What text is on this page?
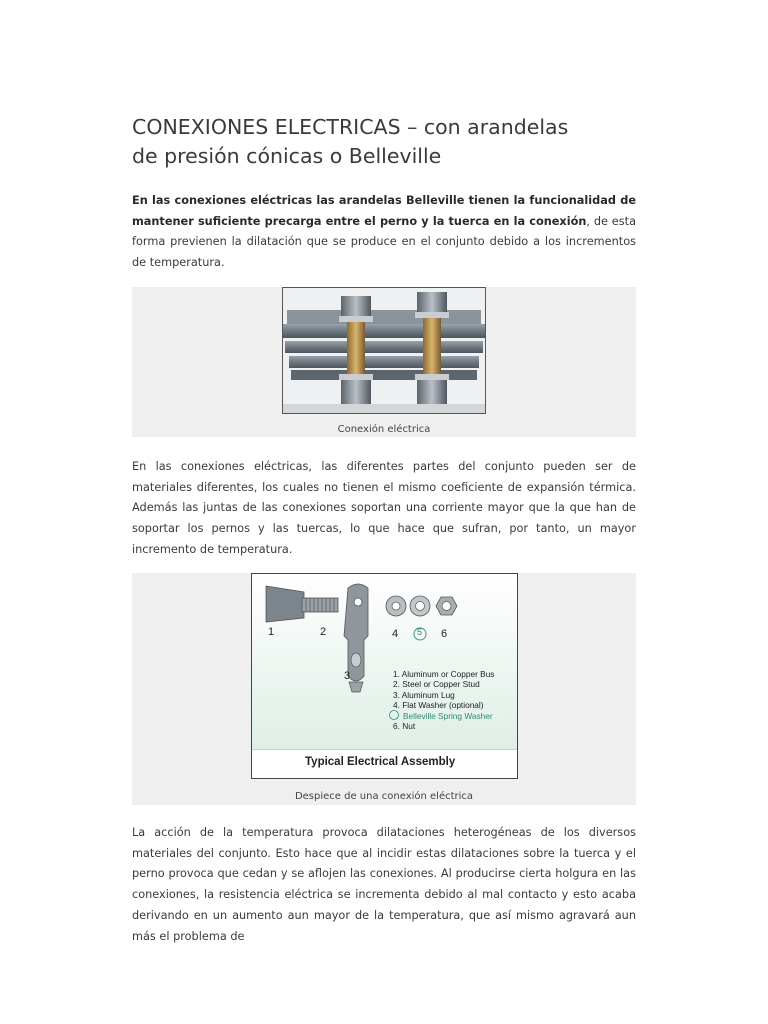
CONEXIONES ELECTRICAS – con arandelas
de presión cónicas o Belleville

En las conexiones eléctricas las arandelas Belleville tienen la funcionalidad de mantener suficiente precarga entre el perno y la tuerca en la conexión, de esta forma previenen la dilatación que se produce en el conjunto debido a los incrementos de temperatura.

Conexión eléctrica

En las conexiones eléctricas, las diferentes partes del conjunto pueden ser de materiales diferentes, los cuales no tienen el mismo coeficiente de expansión térmica. Además las juntas de las conexiones soportan una corriente mayor que la que han de soportar los pernos y las tuercas, lo que hace que sufran, por tanto, un mayor incremento de temperatura.

1	2
3
4 5 6
1. Aluminum or Copper Bus
2. Steel or Copper Stud
3. Aluminum Lug
4. Flat Washer (optional)
Belleville Spring Washer
6. Nut
Typical Electrical Assembly
Despiece de una conexión eléctrica

La acción de la temperatura provoca dilataciones heterogéneas de los diversos materiales del conjunto. Esto hace que al incidir estas dilataciones sobre la tuerca y el perno provoca que cedan y se aflojen las conexiones. Al producirse cierta holgura en las conexiones, la resistencia eléctrica se incrementa debido al mal contacto y esto acaba derivando en un aumento aun mayor de la temperatura, que así mismo agravará aun más el problema de
